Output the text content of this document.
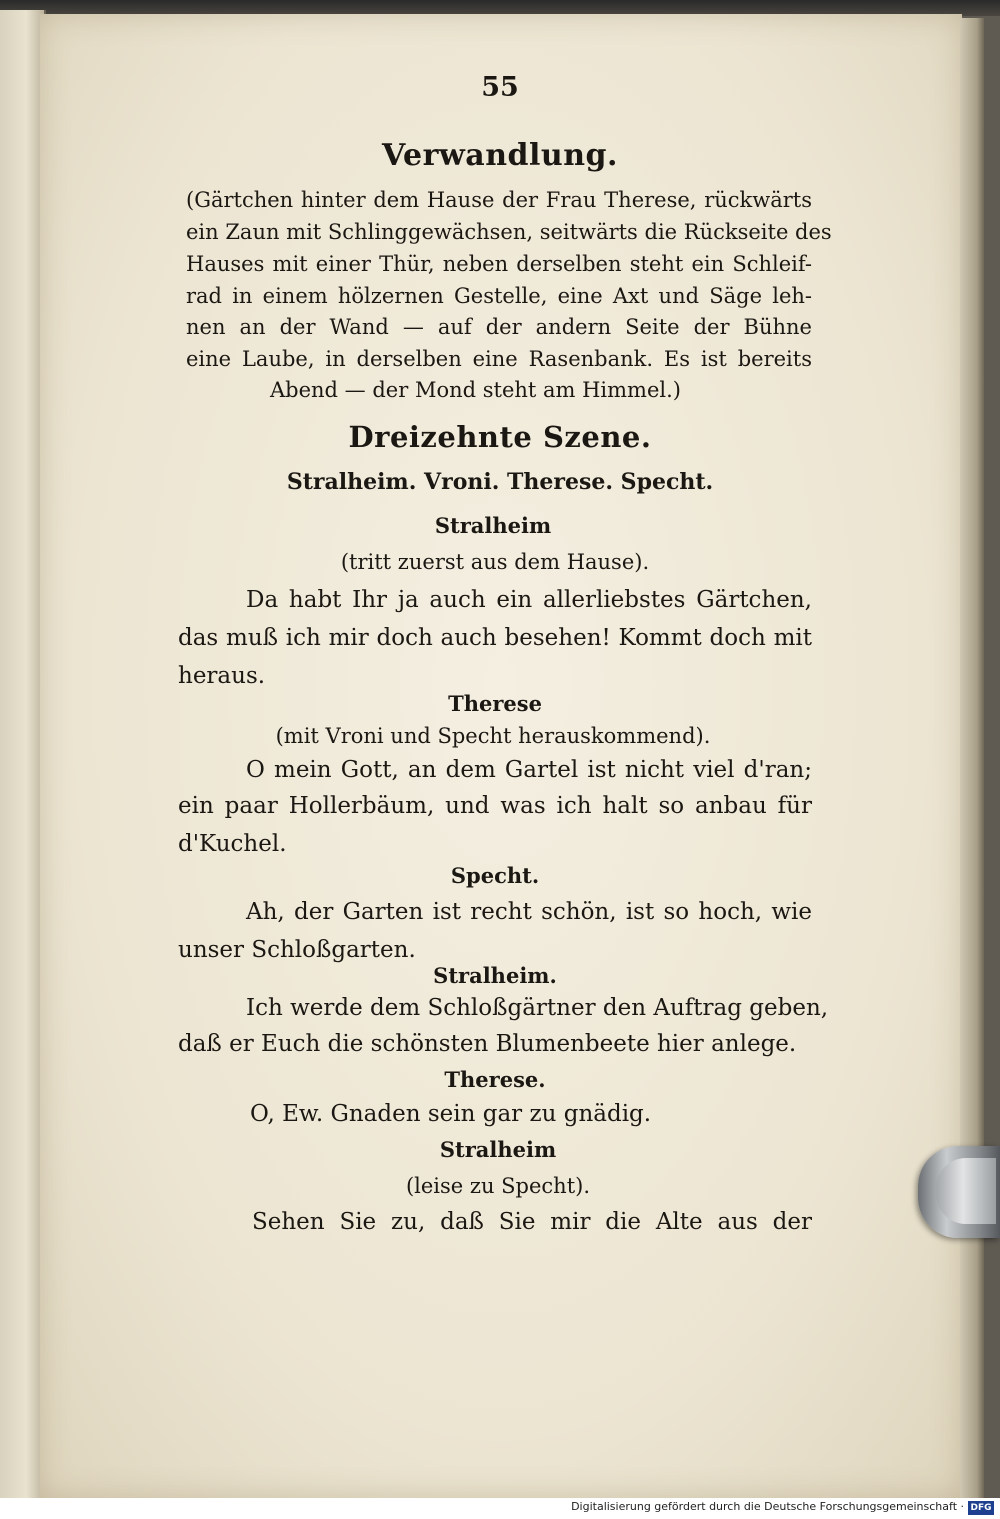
55
Verwandlung.
(Gärtchen hinter dem Hause der Frau Therese, rückwärts
ein Zaun mit Schlinggewächsen, seitwärts die Rückseite des
Hauses mit einer Thür, neben derselben steht ein Schleif-
rad in einem hölzernen Gestelle, eine Axt und Säge leh-
nen an der Wand — auf der andern Seite der Bühne
eine Laube, in derselben eine Rasenbank. Es ist bereits
Abend — der Mond steht am Himmel.)
Dreizehnte Szene.
Stralheim. Vroni. Therese. Specht.
Stralheim
(tritt zuerst aus dem Hause).
Da habt Ihr ja auch ein allerliebstes Gärtchen,
das muß ich mir doch auch besehen! Kommt doch mit
heraus.
Therese
(mit Vroni und Specht herauskommend).
O mein Gott, an dem Gartel ist nicht viel d'ran;
ein paar Hollerbäum, und was ich halt so anbau für
d'Kuchel.
Specht.
Ah, der Garten ist recht schön, ist so hoch, wie
unser Schloßgarten.
Stralheim.
Ich werde dem Schloßgärtner den Auftrag geben,
daß er Euch die schönsten Blumenbeete hier anlege.
Therese.
O, Ew. Gnaden sein gar zu gnädig.
Stralheim
(leise zu Specht).
Sehen Sie zu, daß Sie mir die Alte aus der
Digitalisierung gefördert durch die Deutsche Forschungsgemeinschaft · DFG
